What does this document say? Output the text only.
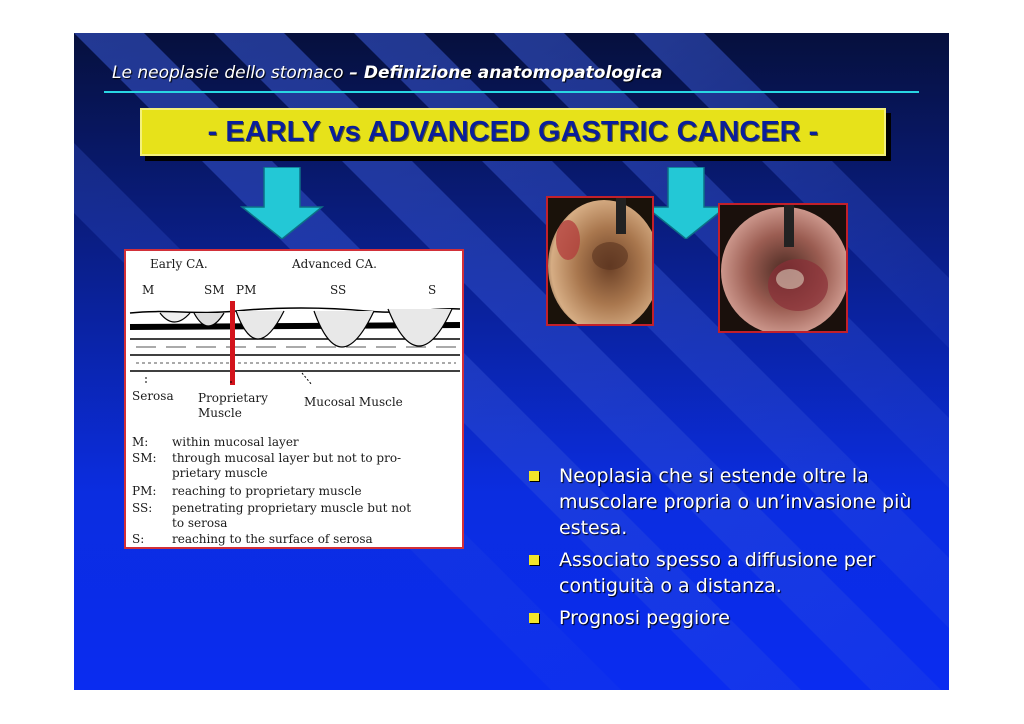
Le neoplasie dello stomaco – Definizione anatomopatologica
- EARLY vs ADVANCED GASTRIC CANCER -
Early CA.	Advanced CA.
M	SM PM	SS	S
Serosa Proprietary
Muscle
Mucosal Muscle
M: within mucosal layer
SM: through mucosal layer but not to pro-
prietary muscle
PM: reaching to proprietary muscle
SS: penetrating proprietary muscle but not
to serosa
S: reaching to the surface of serosa
Neoplasia che si estende oltre la muscolare propria o un’invasione più estesa.
Associato spesso a diffusione per contiguità o a distanza.
Prognosi peggiore
